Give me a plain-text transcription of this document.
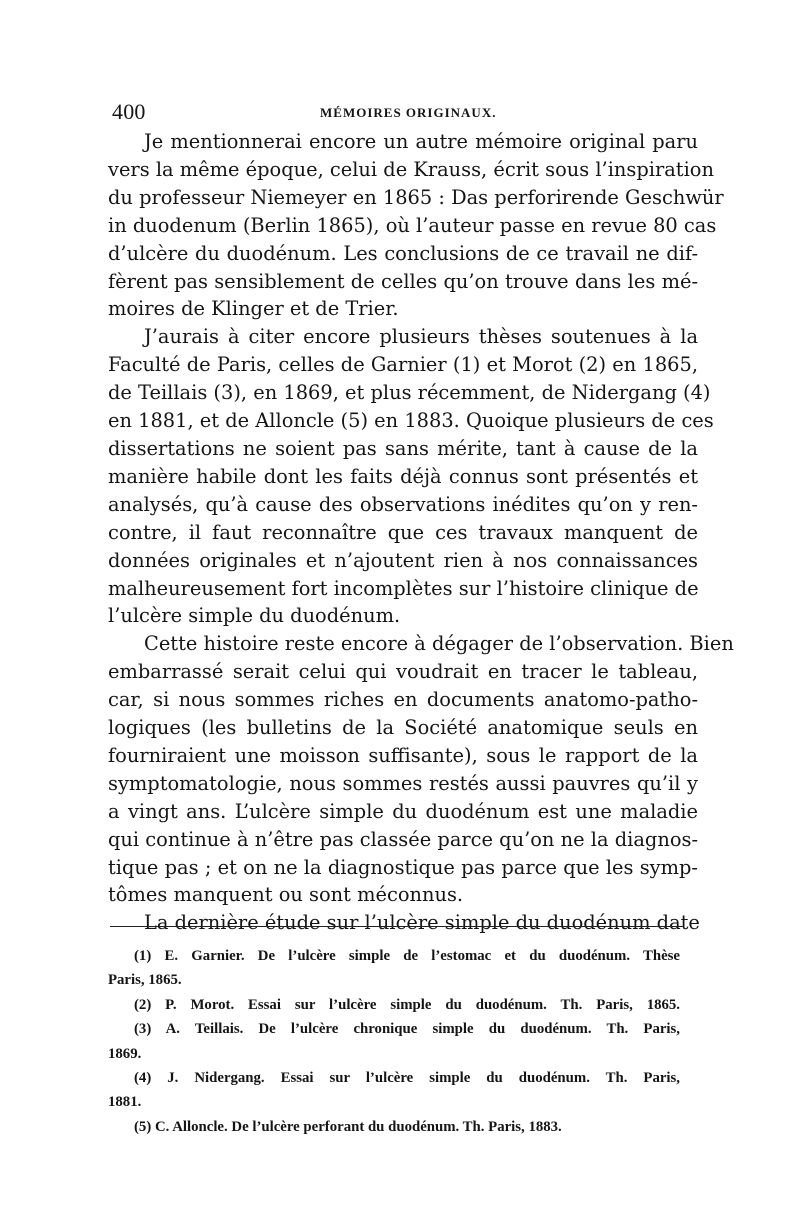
400	MÉMOIRES ORIGINAUX.
Je mentionnerai encore un autre mémoire original paru
vers la même époque, celui de Krauss, écrit sous l’inspiration
du professeur Niemeyer en 1865 : Das perforirende Geschwür
in duodenum (Berlin 1865), où l’auteur passe en revue 80 cas
d’ulcère du duodénum. Les conclusions de ce travail ne dif-
fèrent pas sensiblement de celles qu’on trouve dans les mé-
moires de Klinger et de Trier.
J’aurais à citer encore plusieurs thèses soutenues à la
Faculté de Paris, celles de Garnier (1) et Morot (2) en 1865,
de Teillais (3), en 1869, et plus récemment, de Nidergang (4)
en 1881, et de Alloncle (5) en 1883. Quoique plusieurs de ces
dissertations ne soient pas sans mérite, tant à cause de la
manière habile dont les faits déjà connus sont présentés et
analysés, qu’à cause des observations inédites qu’on y ren-
contre, il faut reconnaître que ces travaux manquent de
données originales et n’ajoutent rien à nos connaissances
malheureusement fort incomplètes sur l’histoire clinique de
l’ulcère simple du duodénum.
Cette histoire reste encore à dégager de l’observation. Bien
embarrassé serait celui qui voudrait en tracer le tableau,
car, si nous sommes riches en documents anatomo-patho-
logiques (les bulletins de la Société anatomique seuls en
fourniraient une moisson suffisante), sous le rapport de la
symptomatologie, nous sommes restés aussi pauvres qu’il y
a vingt ans. L’ulcère simple du duodénum est une maladie
qui continue à n’être pas classée parce qu’on ne la diagnos-
tique pas ; et on ne la diagnostique pas parce que les symp-
tômes manquent ou sont méconnus.
La dernière étude sur l’ulcère simple du duodénum date
(1) E. Garnier. De l’ulcère simple de l’estomac et du duodénum. Thèse
Paris, 1865.
(2) P. Morot. Essai sur l’ulcère simple du duodénum. Th. Paris, 1865.
(3) A. Teillais. De l’ulcère chronique simple du duodénum. Th. Paris,
1869.
(4) J. Nidergang. Essai sur l’ulcère simple du duodénum. Th. Paris,
1881.
(5) C. Alloncle. De l’ulcère perforant du duodénum. Th. Paris, 1883.
